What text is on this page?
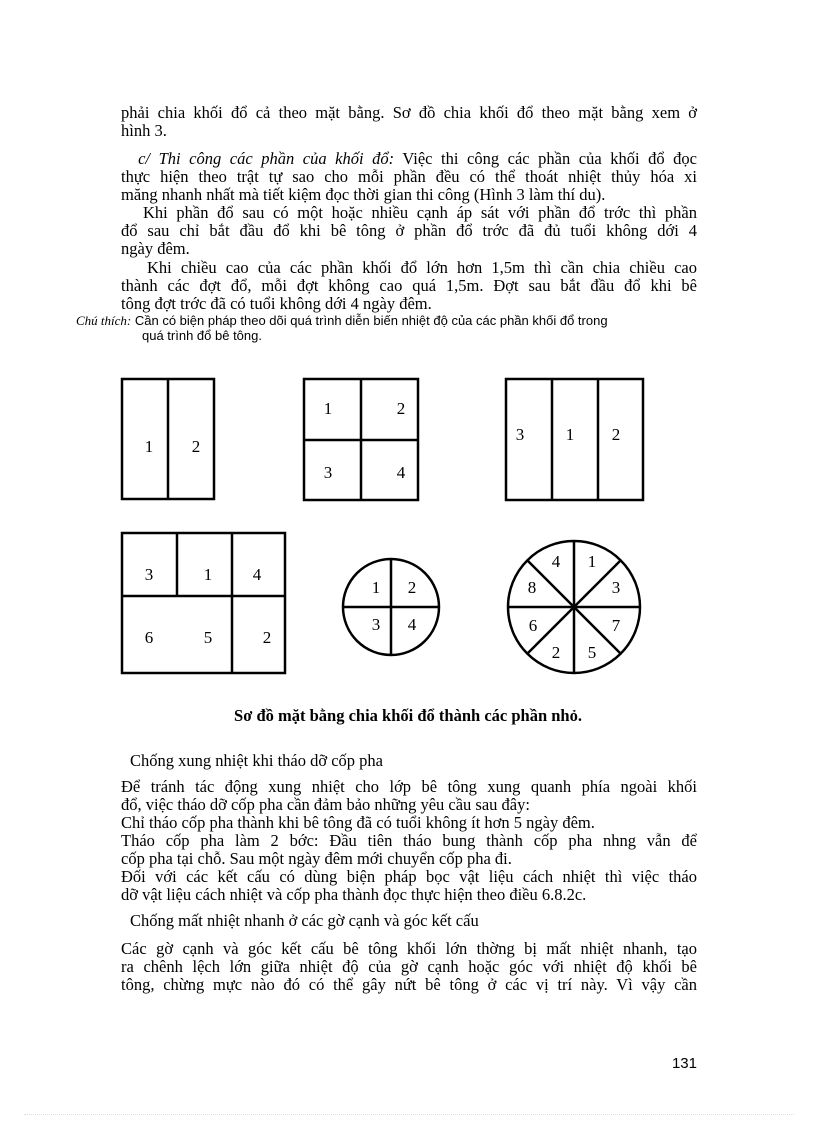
phải chia khối đổ cả theo mặt bằng. Sơ đồ chia khối đổ theo mặt bằng xem ở

hình 3.

c/ Thi công các phần của khối đổ: Việc thi công các phần của khối đổ đọc

thực hiện theo trật tự sao cho mỗi phần đều có thể thoát nhiệt thủy hóa xi

măng nhanh nhất mà tiết kiệm đọc thời gian thi công (Hình 3 làm thí du).

Khi phần đổ sau có một hoặc nhiều cạnh áp sát với phần đổ trớc thì phần

đổ sau chỉ bắt đầu đổ khi bê tông ở phần đổ trớc đã đủ tuổi không dới 4

ngày đêm.

Khi chiều cao của các phần khối đổ lớn hơn 1,5m thì cần chia chiều cao

thành các đợt đổ, mỗi đợt không cao quá 1,5m. Đợt sau bắt đầu đổ khi bê

tông đợt trớc đã có tuổi không dới 4 ngày đêm.

Chú thích: Cần có biện pháp theo dõi quá trình diễn biến nhiệt độ của các phần khối đổ trong
quá trình đổ bê tông.
1 2
1	2
3	4
3 1 2
3	1 4
6	5	2
1 2
3 4
4 1
8	3
6	7
2 5
Sơ đồ mặt bằng chia khối đổ thành các phần nhỏ.
Chống xung nhiệt khi tháo dỡ cốp pha

Để tránh tác động xung nhiệt cho lớp bê tông xung quanh phía ngoài khối

đổ, việc tháo dỡ cốp pha cần đảm bảo những yêu cầu sau đây:

Chỉ tháo cốp pha thành khi bê tông đã có tuổi không ít hơn 5 ngày đêm.

Tháo cốp pha làm 2 bớc: Đầu tiên tháo bung thành cốp pha nhng vẫn để

cốp pha tại chỗ. Sau một ngày đêm mới chuyển cốp pha đi.

Đối với các kết cấu có dùng biện pháp bọc vật liệu cách nhiệt thì việc tháo

dỡ vật liệu cách nhiệt và cốp pha thành đọc thực hiện theo điều 6.8.2c.

Chống mất nhiệt nhanh ở các gờ cạnh và góc kết cấu

Các gờ cạnh và góc kết cấu bê tông khối lớn thờng bị mất nhiệt nhanh, tạo

ra chênh lệch lớn giữa nhiệt độ của gờ cạnh hoặc góc với nhiệt độ khối bê

tông, chừng mực nào đó có thể gây nứt bê tông ở các vị trí này. Vì vậy cần

131
